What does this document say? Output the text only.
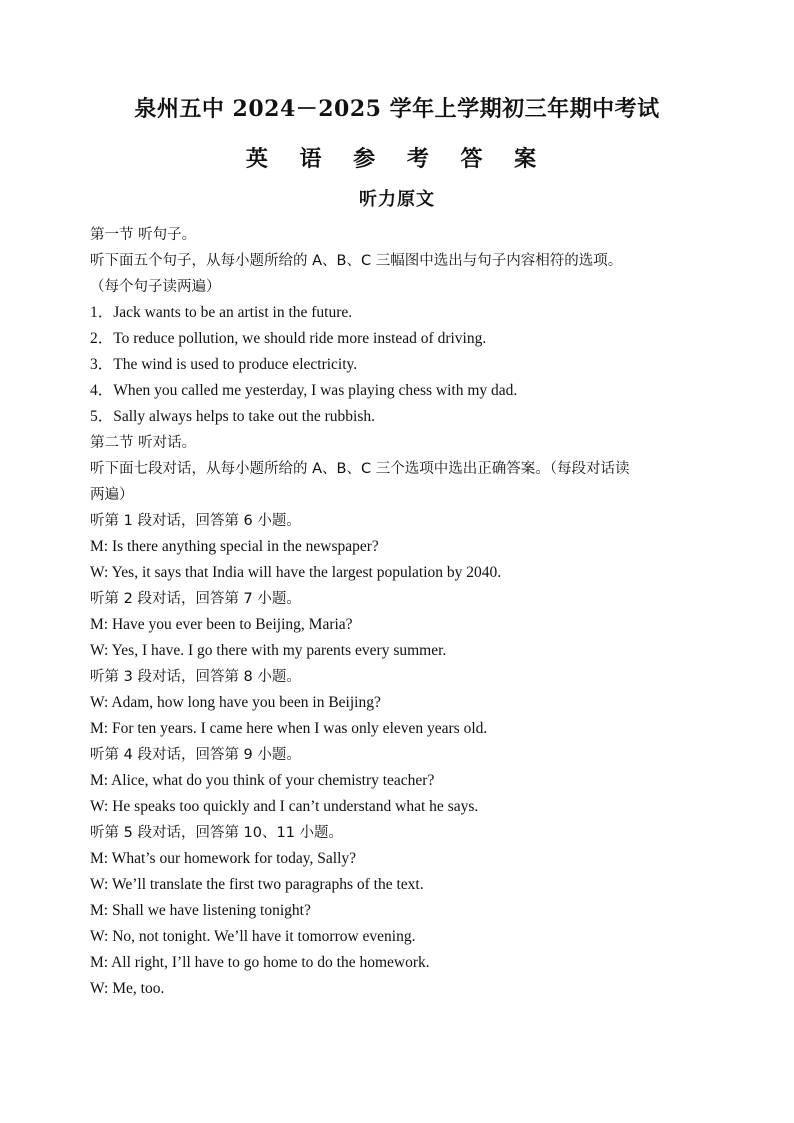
泉州五中 2024－2025 学年上学期初三年期中考试
英 语 参 考 答 案
听力原文
第一节 听句子。
听下面五个句子，从每小题所给的 A、B、C 三幅图中选出与句子内容相符的选项。
（每个句子读两遍）
1．Jack wants to be an artist in the future.
2．To reduce pollution, we should ride more instead of driving.
3．The wind is used to produce electricity.
4．When you called me yesterday, I was playing chess with my dad.
5．Sally always helps to take out the rubbish.
第二节 听对话。
听下面七段对话，从每小题所给的 A、B、C 三个选项中选出正确答案。（每段对话读
两遍）
听第 1 段对话，回答第 6 小题。
M: Is there anything special in the newspaper?
W: Yes, it says that India will have the largest population by 2040.
听第 2 段对话，回答第 7 小题。
M: Have you ever been to Beijing, Maria?
W: Yes, I have. I go there with my parents every summer.
听第 3 段对话，回答第 8 小题。
W: Adam, how long have you been in Beijing?
M: For ten years. I came here when I was only eleven years old.
听第 4 段对话，回答第 9 小题。
M: Alice, what do you think of your chemistry teacher?
W: He speaks too quickly and I can’t understand what he says.
听第 5 段对话，回答第 10、11 小题。
M: What’s our homework for today, Sally?
W: We’ll translate the first two paragraphs of the text.
M: Shall we have listening tonight?
W: No, not tonight. We’ll have it tomorrow evening.
M: All right, I’ll have to go home to do the homework.
W: Me, too.
